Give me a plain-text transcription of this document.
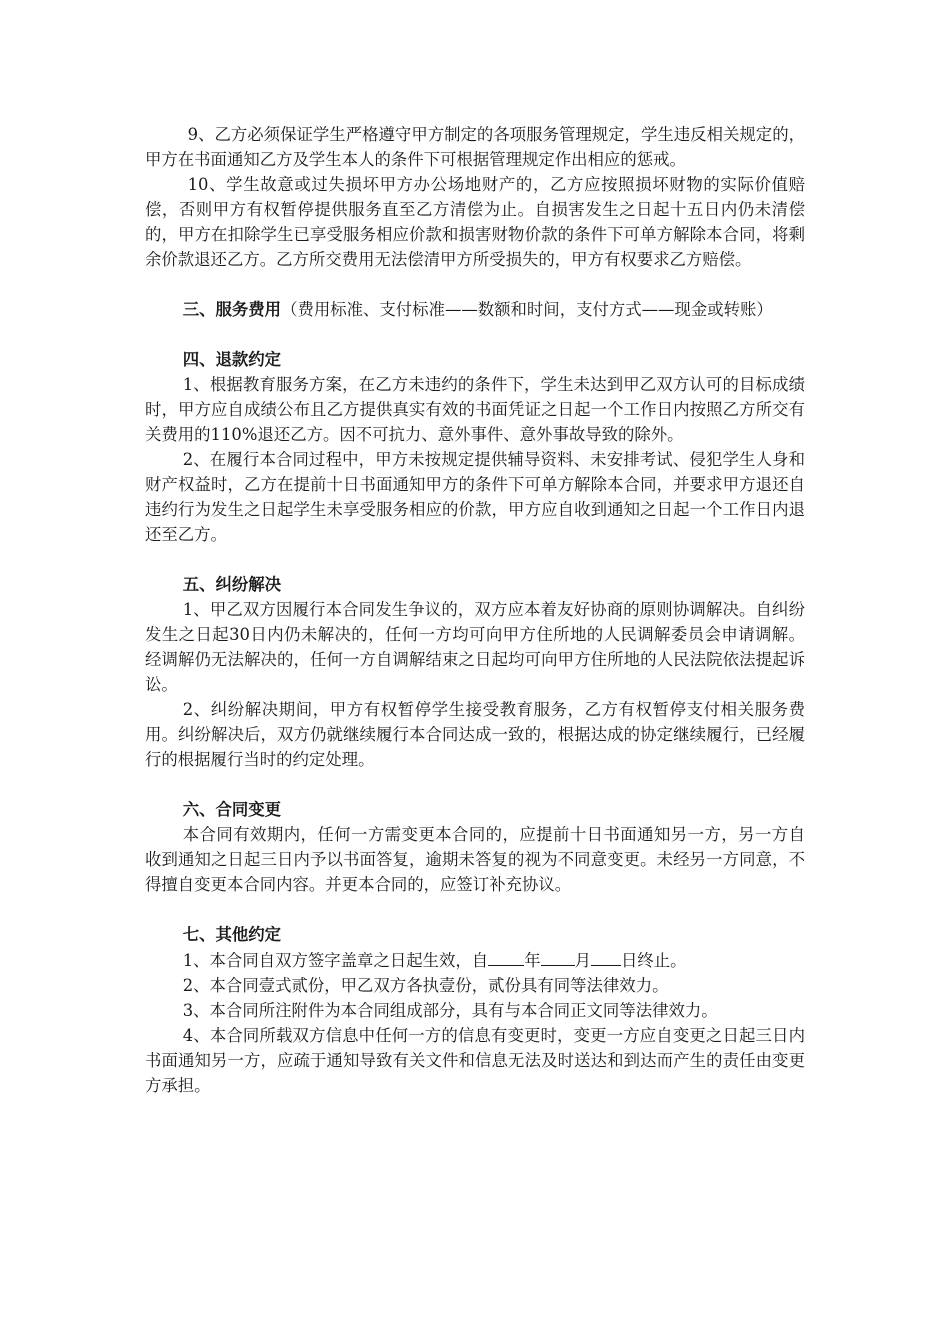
9、乙方必须保证学生严格遵守甲方制定的各项服务管理规定，学生违反相关规定的，甲方在书面通知乙方及学生本人的条件下可根据管理规定作出相应的惩戒。

10、学生故意或过失损坏甲方办公场地财产的，乙方应按照损坏财物的实际价值赔偿，否则甲方有权暂停提供服务直至乙方清偿为止。自损害发生之日起十五日内仍未清偿的，甲方在扣除学生已享受服务相应价款和损害财物价款的条件下可单方解除本合同，将剩余价款退还乙方。乙方所交费用无法偿清甲方所受损失的，甲方有权要求乙方赔偿。

三、服务费用（费用标准、支付标准——数额和时间，支付方式——现金或转账）

四、退款约定

1、根据教育服务方案，在乙方未违约的条件下，学生未达到甲乙双方认可的目标成绩时，甲方应自成绩公布且乙方提供真实有效的书面凭证之日起一个工作日内按照乙方所交有关费用的110%退还乙方。因不可抗力、意外事件、意外事故导致的除外。

2、在履行本合同过程中，甲方未按规定提供辅导资料、未安排考试、侵犯学生人身和财产权益时，乙方在提前十日书面通知甲方的条件下可单方解除本合同，并要求甲方退还自违约行为发生之日起学生未享受服务相应的价款，甲方应自收到通知之日起一个工作日内退还至乙方。

五、纠纷解决

1、甲乙双方因履行本合同发生争议的，双方应本着友好协商的原则协调解决。自纠纷发生之日起30日内仍未解决的，任何一方均可向甲方住所地的人民调解委员会申请调解。经调解仍无法解决的，任何一方自调解结束之日起均可向甲方住所地的人民法院依法提起诉讼。

2、纠纷解决期间，甲方有权暂停学生接受教育服务，乙方有权暂停支付相关服务费用。纠纷解决后，双方仍就继续履行本合同达成一致的，根据达成的协定继续履行，已经履行的根据履行当时的约定处理。

六、合同变更

本合同有效期内，任何一方需变更本合同的，应提前十日书面通知另一方，另一方自收到通知之日起三日内予以书面答复，逾期未答复的视为不同意变更。未经另一方同意，不得擅自变更本合同内容。并更本合同的，应签订补充协议。

七、其他约定

1、本合同自双方签字盖章之日起生效，自 年 月 日终止。

2、本合同壹式贰份，甲乙双方各执壹份，贰份具有同等法律效力。

3、本合同所注附件为本合同组成部分，具有与本合同正文同等法律效力。

4、本合同所载双方信息中任何一方的信息有变更时，变更一方应自变更之日起三日内书面通知另一方，应疏于通知导致有关文件和信息无法及时送达和到达而产生的责任由变更方承担。
